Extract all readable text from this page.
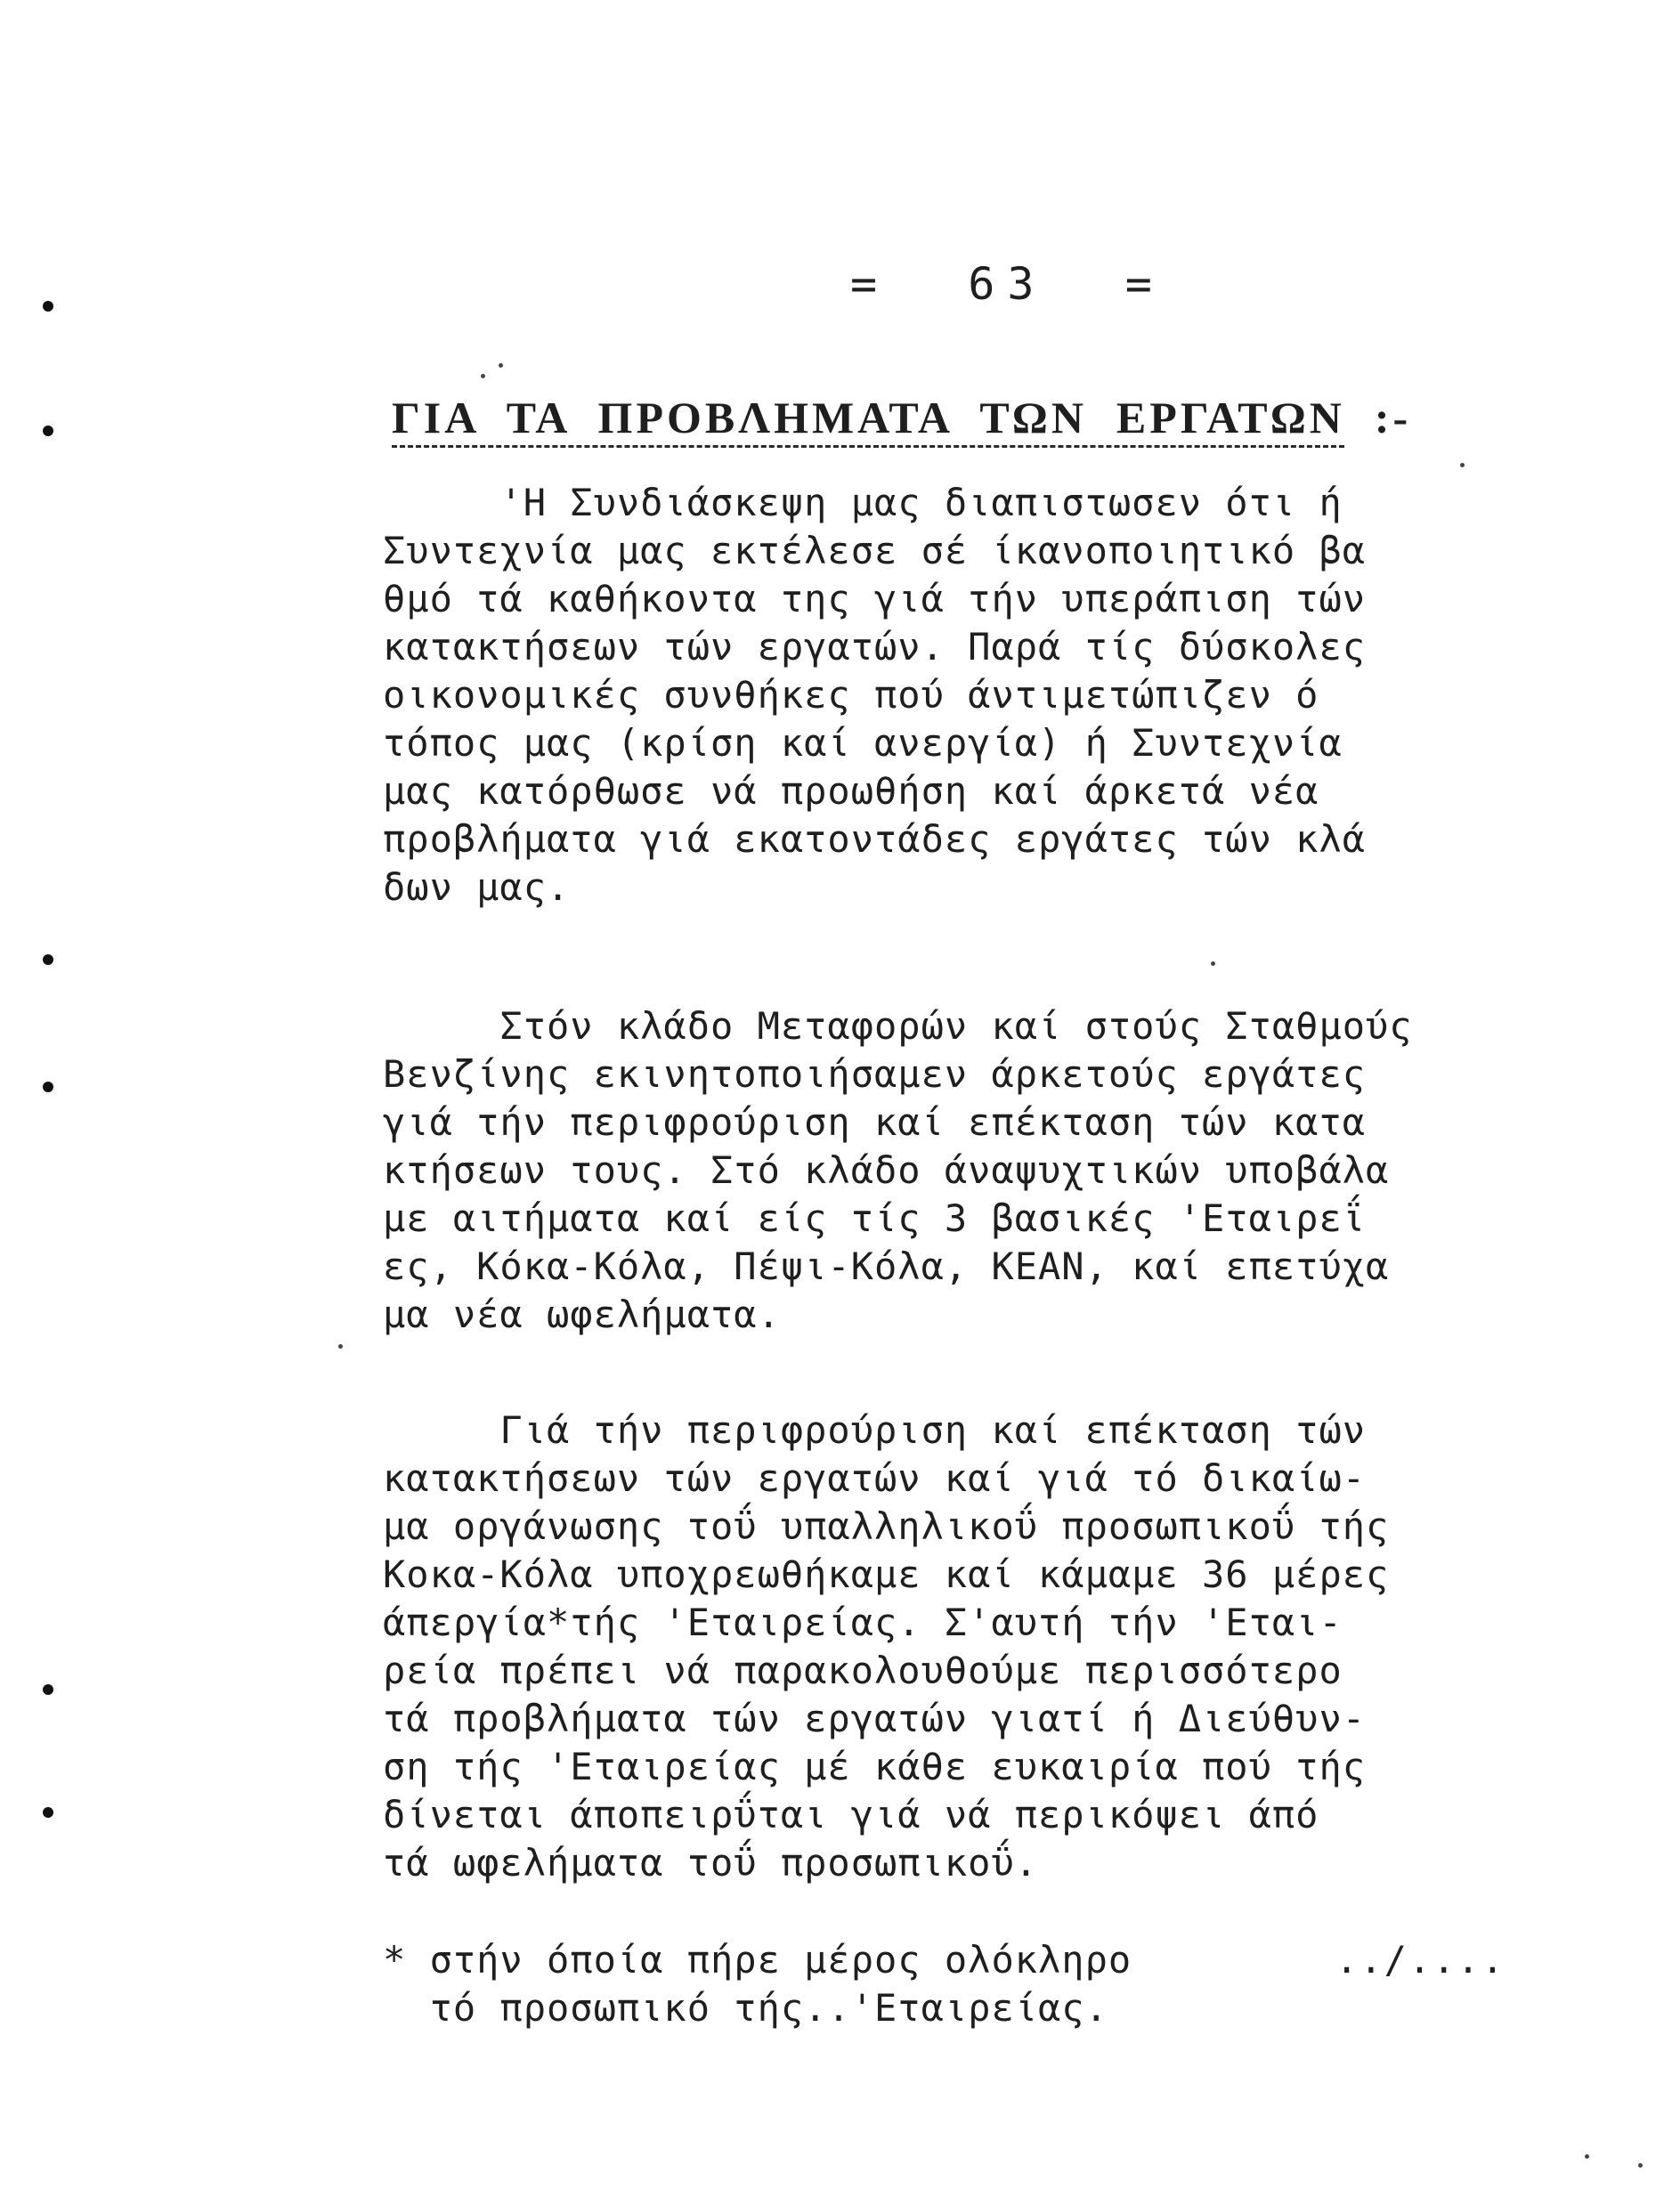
=  63  =
ΓΙΑ  ΤΑ  ΠΡΟΒΛΗΜΑΤΑ  ΤΩΝ  ΕΡΓΑΤΩΝ  :-
'Η Συνδιάσκεψη μας διαπιστωσεν ότι ή
Συντεχνία μας εκτέλεσε σέ ίκανοποιητικό βα
θμό τά καθήκοντα της γιά τήν υπεράπιση τών
κατακτήσεων τών εργατών. Παρά τίς δύσκολες
οικονομικές συνθήκες πού άντιμετώπιζεν ό
τόπος μας (κρίση καί ανεργία) ή Συντεχνία
μας κατόρθωσε νά προωθήση καί άρκετά νέα
προβλήματα γιά εκατοντάδες εργάτες τών κλά
δων μας.
Στόν κλάδο Μεταφορών καί στούς Σταθμούς
Βενζίνης εκινητοποιήσαμεν άρκετούς εργάτες
γιά τήν περιφρούριση καί επέκταση τών κατα
κτήσεων τους. Στό κλάδο άναψυχτικών υποβάλα
με αιτήματα καί είς τίς 3 βασικές 'Εταιρεΐ
ες, Κόκα-Κόλα, Πέψι-Κόλα, ΚΕΑΝ, καί επετύχα
μα νέα ωφελήματα.
Γιά τήν περιφρούριση καί επέκταση τών
κατακτήσεων τών εργατών καί γιά τό δικαίω-
μα οργάνωσης τοΰ υπαλληλικοΰ προσωπικοΰ τής
Κοκα-Κόλα υποχρεωθήκαμε καί κάμαμε 36 μέρες
άπεργία*τής 'Εταιρείας. Σ'αυτή τήν 'Εται-
ρεία πρέπει νά παρακολουθούμε περισσότερο
τά προβλήματα τών εργατών γιατί ή Διεύθυν-
ση τής 'Εταιρείας μέ κάθε ευκαιρία πού τής
δίνεται άποπειρΰται γιά νά περικόψει άπό
τά ωφελήματα τοΰ προσωπικοΰ.
* στήν όποία πήρε μέρος ολόκληρο
τό προσωπικό τής..'Εταιρείας.
../....
